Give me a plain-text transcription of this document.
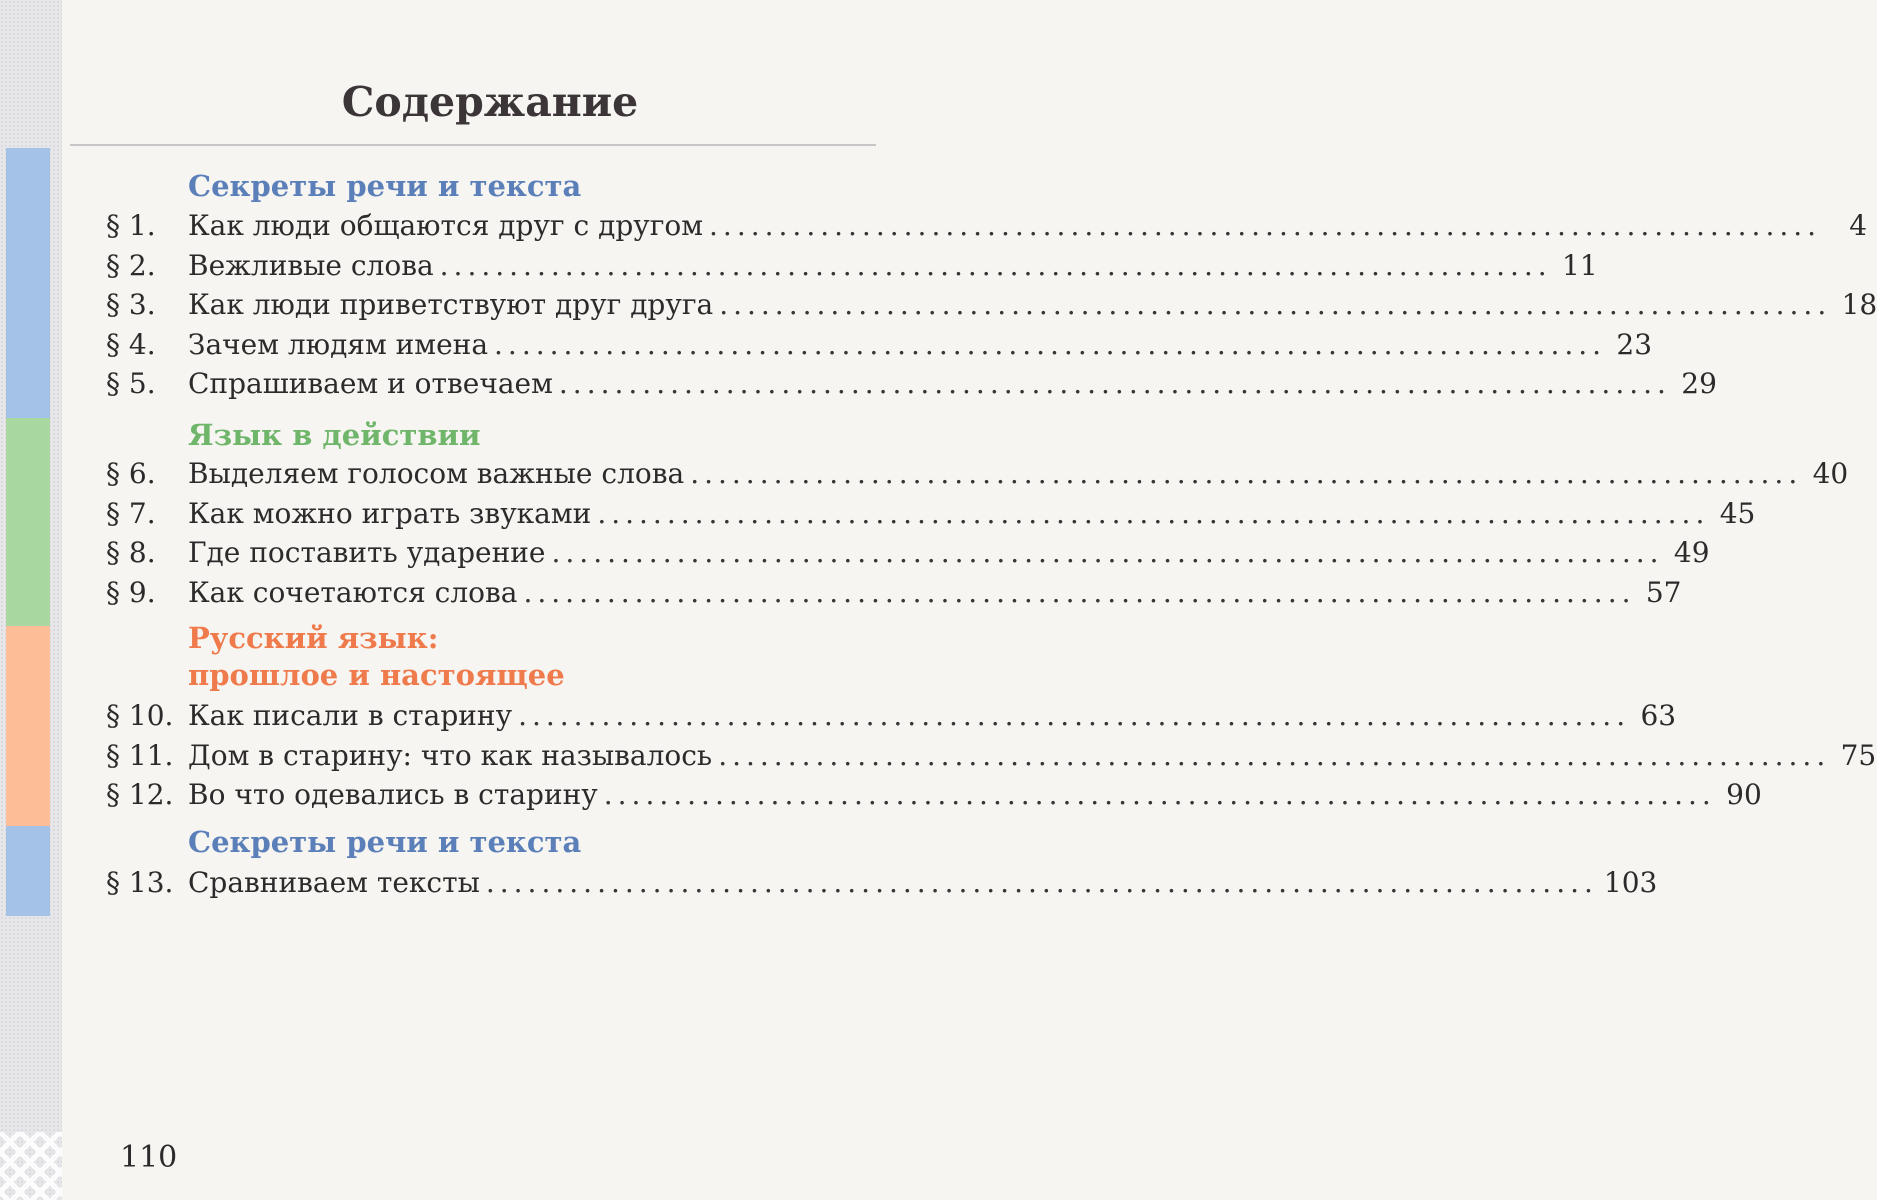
Содержание
Секреты речи и текста
§ 1.	Как люди общаются друг с другом ................................................................................	4
§ 2.	Вежливые слова ................................................................................ 11
§ 3.	Как люди приветствуют друг друга ................................................................................ 18
§ 4.	Зачем людям имена ................................................................................ 23
§ 5.	Спрашиваем и отвечаем ................................................................................ 29
Язык в действии
§ 6.	Выделяем голосом важные слова ................................................................................ 40
§ 7.	Как можно играть звуками ................................................................................ 45
§ 8.	Где поставить ударение ................................................................................ 49
§ 9.	Как сочетаются слова ................................................................................ 57
Русский язык:
прошлое и настоящее
§ 10. Как писали в старину ................................................................................ 63
§ 11. Дом в старину: что как называлось ................................................................................ 75
§ 12. Во что одевались в старину ................................................................................ 90
Секреты речи и текста
§ 13. Сравниваем тексты ................................................................................ 103
110
